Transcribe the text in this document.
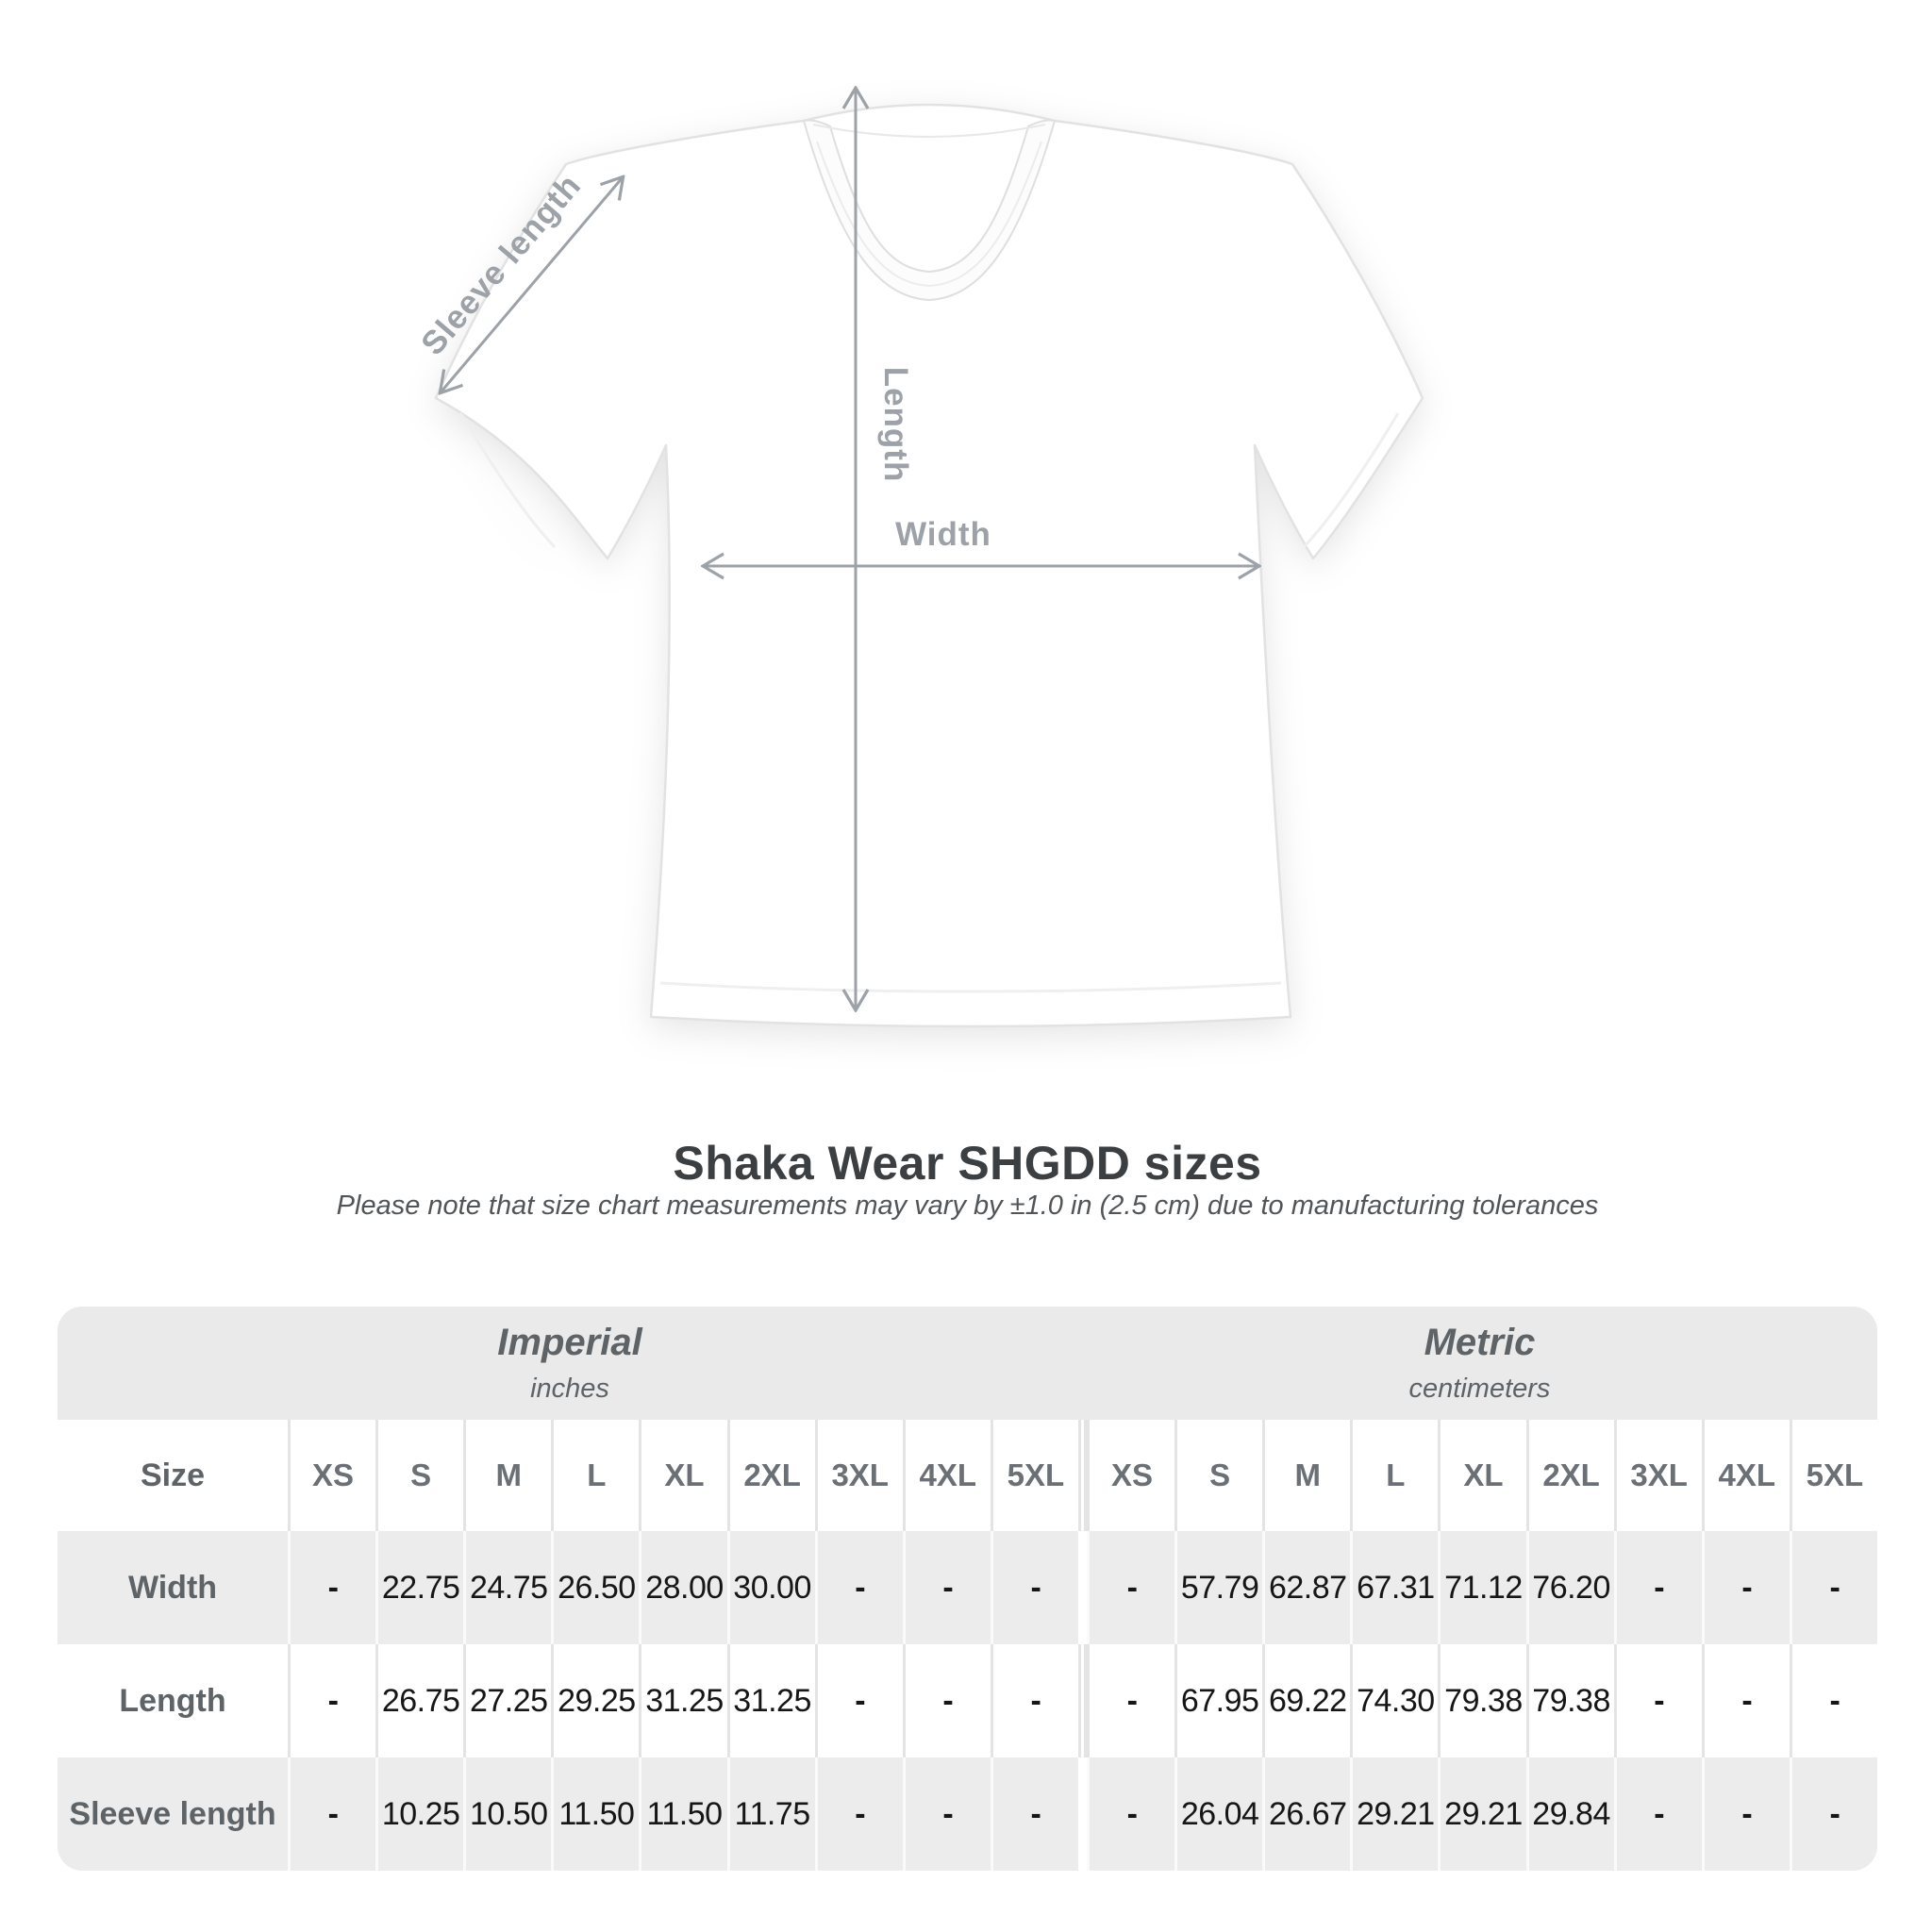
Sleeve length
Length
Width
Shaka Wear SHGDD sizes

Please note that size chart measurements may vary by ±1.0 in (2.5 cm) due to manufacturing tolerances

Imperial
inches
Metric
centimeters
Size	XS	S	M	L	XL	2XL	3XL	4XL	5XL		XS	S	M	L	XL	2XL	3XL	4XL	5XL
Width	-	22.75	24.75	26.50	28.00	30.00	-	-	-		-	57.79	62.87	67.31	71.12	76.20	-	-	-
Length	-	26.75	27.25	29.25	31.25	31.25	-	-	-		-	67.95	69.22	74.30	79.38	79.38	-	-	-
Sleeve length	-	10.25	10.50	11.50	11.50	11.75	-	-	-		-	26.04	26.67	29.21	29.21	29.84	-	-	-
